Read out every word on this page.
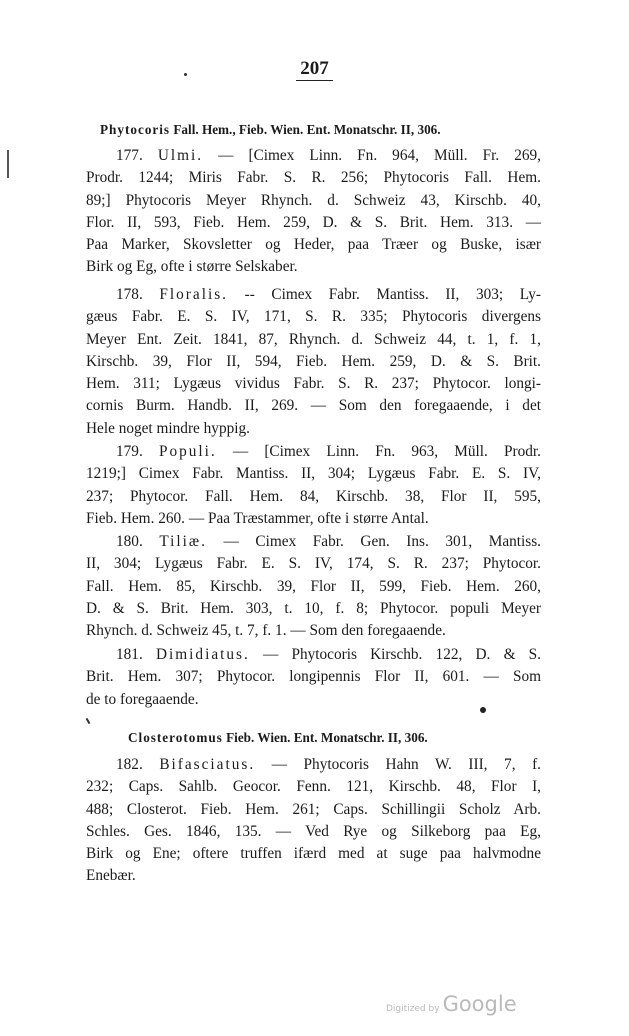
207
Phytocoris Fall. Hem., Fieb. Wien. Ent. Monatschr. II, 306.
177. Ulmi. — [Cimex Linn. Fn. 964, Müll. Fr. 269,
Prodr. 1244; Miris Fabr. S. R. 256; Phytocoris Fall. Hem.
89;] Phytocoris Meyer Rhynch. d. Schweiz 43, Kirschb. 40,
Flor. II, 593, Fieb. Hem. 259, D. & S. Brit. Hem. 313. —
Paa Marker, Skovsletter og Heder, paa Træer og Buske, især
Birk og Eg, ofte i større Selskaber.
178. Floralis. -- Cimex Fabr. Mantiss. II, 303; Ly-
gæus Fabr. E. S. IV, 171, S. R. 335; Phytocoris divergens
Meyer Ent. Zeit. 1841, 87, Rhynch. d. Schweiz 44, t. 1, f. 1,
Kirschb. 39, Flor II, 594, Fieb. Hem. 259, D. & S. Brit.
Hem. 311; Lygæus vividus Fabr. S. R. 237; Phytocor. longi-
cornis Burm. Handb. II, 269. — Som den foregaaende, i det
Hele noget mindre hyppig.
179. Populi. — [Cimex Linn. Fn. 963, Müll. Prodr.
1219;] Cimex Fabr. Mantiss. II, 304; Lygæus Fabr. E. S. IV,
237; Phytocor. Fall. Hem. 84, Kirschb. 38, Flor II, 595,
Fieb. Hem. 260. — Paa Træstammer, ofte i større Antal.
180. Tiliæ. — Cimex Fabr. Gen. Ins. 301, Mantiss.
II, 304; Lygæus Fabr. E. S. IV, 174, S. R. 237; Phytocor.
Fall. Hem. 85, Kirschb. 39, Flor II, 599, Fieb. Hem. 260,
D. & S. Brit. Hem. 303, t. 10, f. 8; Phytocor. populi Meyer
Rhynch. d. Schweiz 45, t. 7, f. 1. — Som den foregaaende.
181. Dimidiatus. — Phytocoris Kirschb. 122, D. & S.
Brit. Hem. 307; Phytocor. longipennis Flor II, 601. — Som
de to foregaaende.
Closterotomus Fieb. Wien. Ent. Monatschr. II, 306.
182. Bifasciatus. — Phytocoris Hahn W. III, 7, f.
232; Caps. Sahlb. Geocor. Fenn. 121, Kirschb. 48, Flor I,
488; Closterot. Fieb. Hem. 261; Caps. Schillingii Scholz Arb.
Schles. Ges. 1846, 135. — Ved Rye og Silkeborg paa Eg,
Birk og Ene; oftere truffen ifærd med at suge paa halvmodne
Enebær.
Digitized by Google
